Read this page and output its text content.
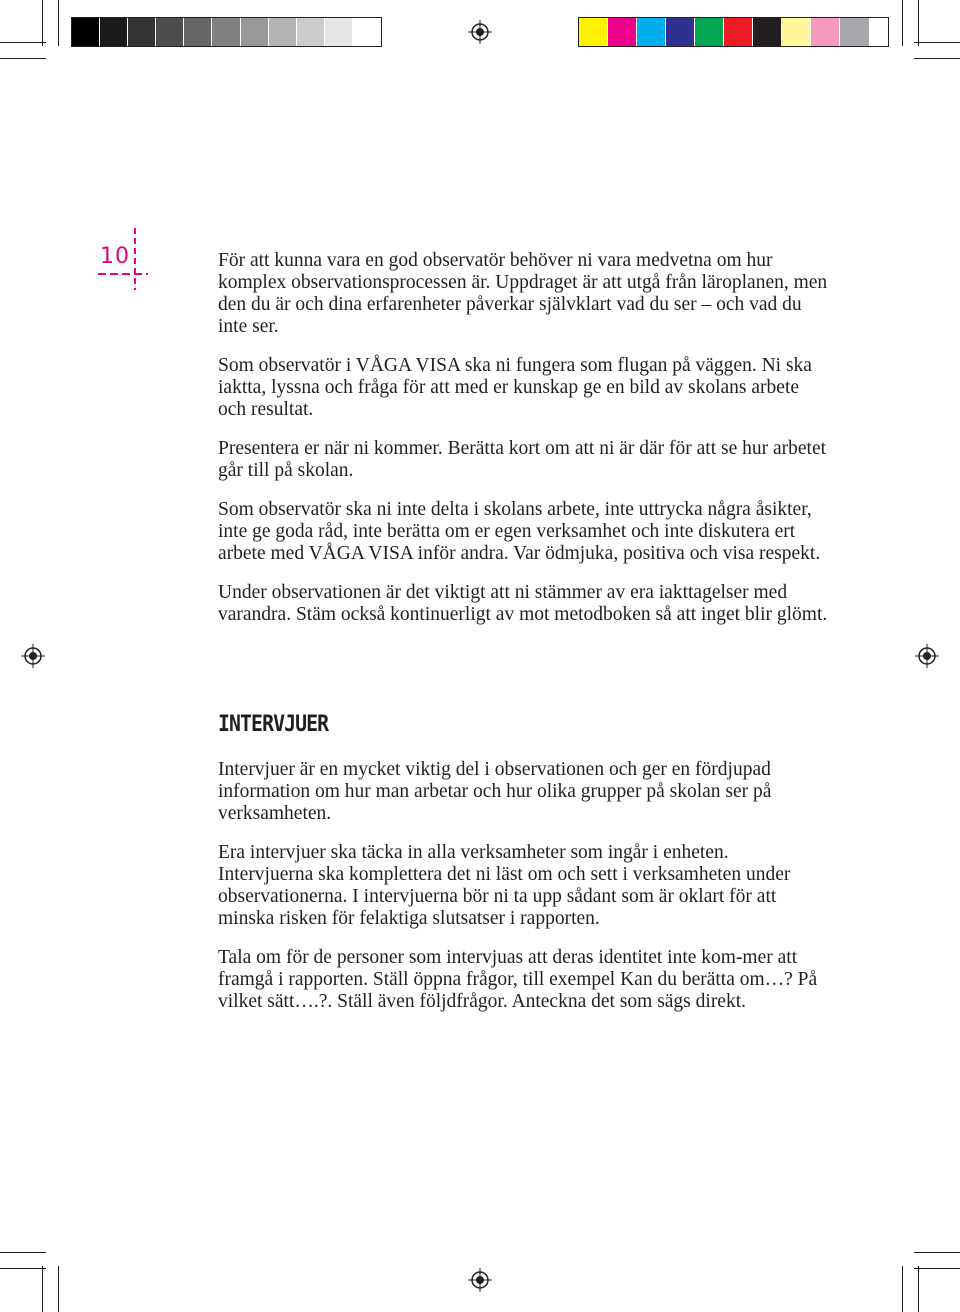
10	För att kunna vara en god observatör behöver ni vara medvetna om hur komplex observationsprocessen är. Uppdraget är att utgå från läroplanen, men den du är och dina erfarenheter påverkar självklart vad du ser – och vad du inte ser.

Som observatör i VÅGA VISA ska ni fungera som flugan på väggen. Ni ska iaktta, lyssna och fråga för att med er kunskap ge en bild av skolans arbete och resultat.

Presentera er när ni kommer. Berätta kort om att ni är där för att se hur arbetet går till på skolan.

Som observatör ska ni inte delta i skolans arbete, inte uttrycka några åsikter, inte ge goda råd, inte berätta om er egen verksamhet och inte diskutera ert arbete med VÅGA VISA inför andra. Var ödmjuka, positiva och visa respekt.

Under observationen är det viktigt att ni stämmer av era iakttagelser med varandra. Stäm också kontinuerligt av mot metodboken så att inget blir glömt.

INTERVJUER

Intervjuer är en mycket viktig del i observationen och ger en fördjupad information om hur man arbetar och hur olika grupper på skolan ser på verksamheten.

Era intervjuer ska täcka in alla verksamheter som ingår i enheten. Intervjuerna ska komplettera det ni läst om och sett i verksamheten under observationerna. I intervjuerna bör ni ta upp sådant som är oklart för att minska risken för felaktiga slutsatser i rapporten.

Tala om för de personer som intervjuas att deras identitet inte kom-mer att framgå i rapporten. Ställ öppna frågor, till exempel Kan du berätta om…? På vilket sätt….?. Ställ även följdfrågor. Anteckna det som sägs direkt.
